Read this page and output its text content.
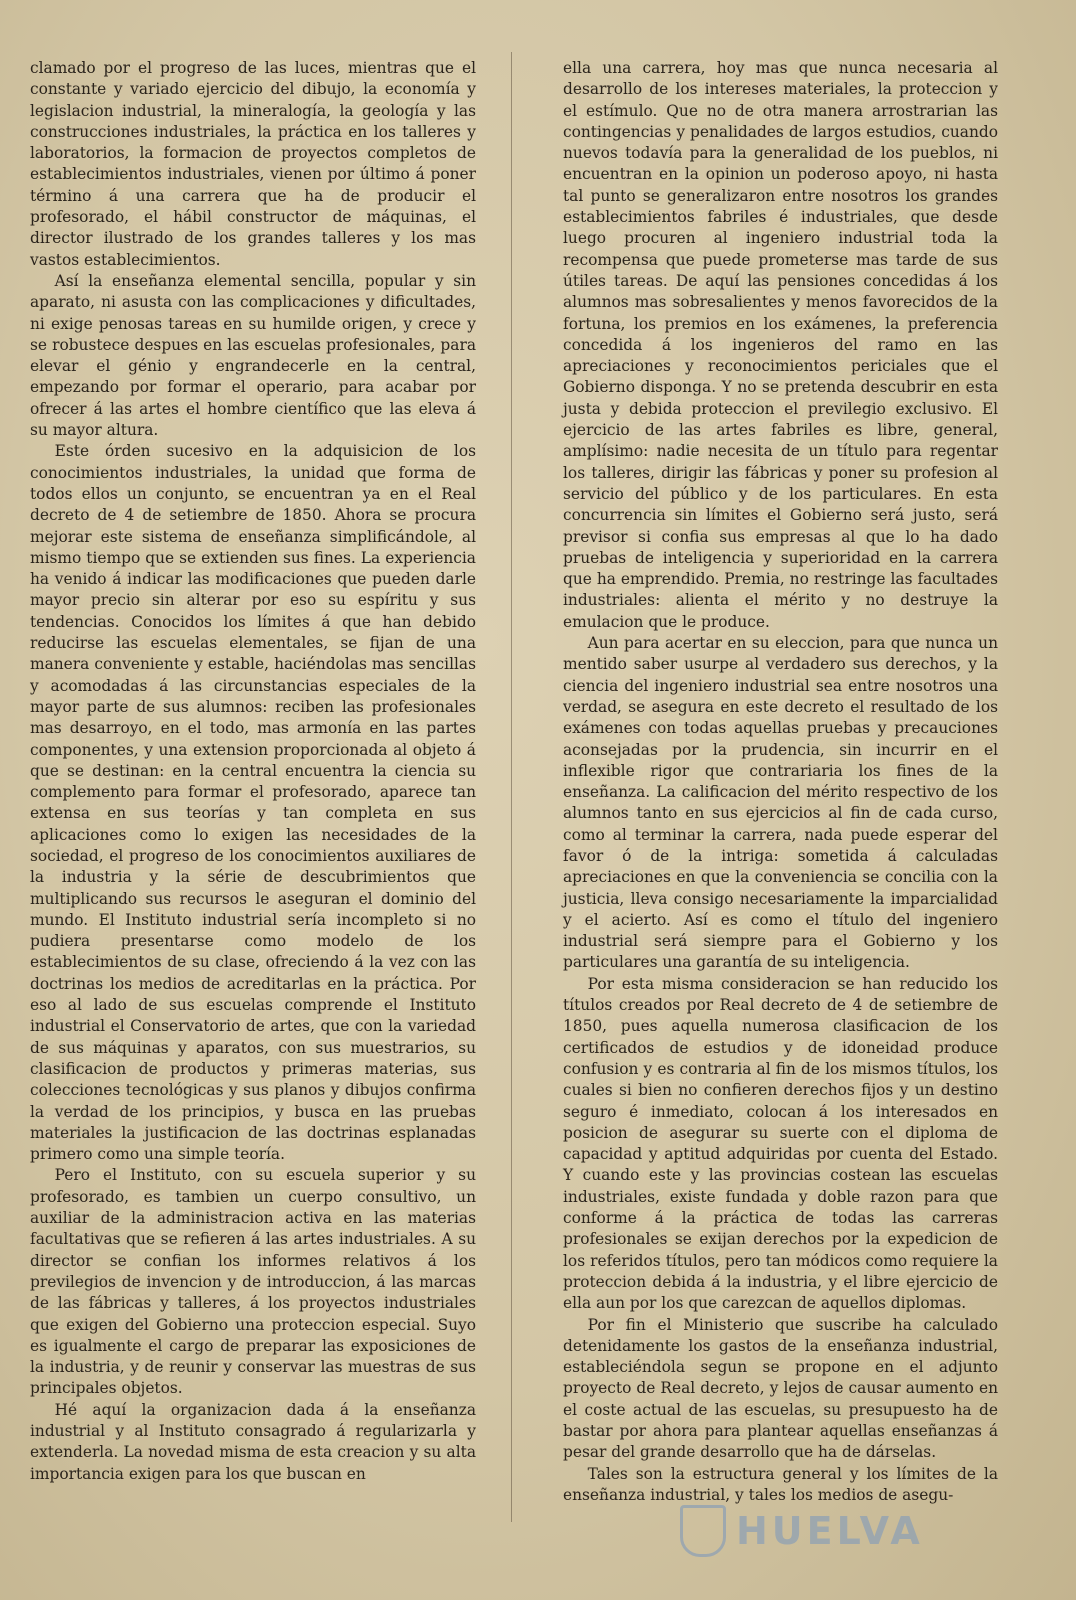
clamado por el progreso de las luces, mientras que el constante y variado ejercicio del dibujo, la economía y legislacion industrial, la mineralogía, la geología y las construcciones industriales, la práctica en los talleres y laboratorios, la formacion de proyectos completos de establecimientos industriales, vienen por último á poner término á una carrera que ha de producir el profesorado, el hábil constructor de máquinas, el director ilustrado de los grandes talleres y los mas vastos establecimientos.

Así la enseñanza elemental sencilla, popular y sin aparato, ni asusta con las complicaciones y dificultades, ni exige penosas tareas en su humilde origen, y crece y se robustece despues en las escuelas profesionales, para elevar el génio y engrandecerle en la central, empezando por formar el operario, para acabar por ofrecer á las artes el hombre científico que las eleva á su mayor altura.

Este órden sucesivo en la adquisicion de los conocimientos industriales, la unidad que forma de todos ellos un conjunto, se encuentran ya en el Real decreto de 4 de setiembre de 1850. Ahora se procura mejorar este sistema de enseñanza simplificándole, al mismo tiempo que se extienden sus fines. La experiencia ha venido á indicar las modificaciones que pueden darle mayor precio sin alterar por eso su espíritu y sus tendencias. Conocidos los límites á que han debido reducirse las escuelas elementales, se fijan de una manera conveniente y estable, haciéndolas mas sencillas y acomodadas á las circunstancias especiales de la mayor parte de sus alumnos: reciben las profesionales mas desarroyo, en el todo, mas armonía en las partes componentes, y una extension proporcionada al objeto á que se destinan: en la central encuentra la ciencia su complemento para formar el profesorado, aparece tan extensa en sus teorías y tan completa en sus aplicaciones como lo exigen las necesidades de la sociedad, el progreso de los conocimientos auxiliares de la industria y la série de descubrimientos que multiplicando sus recursos le aseguran el dominio del mundo. El Instituto industrial sería incompleto si no pudiera presentarse como modelo de los establecimientos de su clase, ofreciendo á la vez con las doctrinas los medios de acreditarlas en la práctica. Por eso al lado de sus escuelas comprende el Instituto industrial el Conservatorio de artes, que con la variedad de sus máquinas y aparatos, con sus muestrarios, su clasificacion de productos y primeras materias, sus colecciones tecnológicas y sus planos y dibujos confirma la verdad de los principios, y busca en las pruebas materiales la justificacion de las doctrinas esplanadas primero como una simple teoría.

Pero el Instituto, con su escuela superior y su profesorado, es tambien un cuerpo consultivo, un auxiliar de la administracion activa en las materias facultativas que se refieren á las artes industriales. A su director se confian los informes relativos á los previlegios de invencion y de introduccion, á las marcas de las fábricas y talleres, á los proyectos industriales que exigen del Gobierno una proteccion especial. Suyo es igualmente el cargo de preparar las exposiciones de la industria, y de reunir y conservar las muestras de sus principales objetos.

Hé aquí la organizacion dada á la enseñanza industrial y al Instituto consagrado á regularizarla y extenderla. La novedad misma de esta creacion y su alta importancia exigen para los que buscan en

ella una carrera, hoy mas que nunca necesaria al desarrollo de los intereses materiales, la proteccion y el estímulo. Que no de otra manera arrostrarian las contingencias y penalidades de largos estudios, cuando nuevos todavía para la generalidad de los pueblos, ni encuentran en la opinion un poderoso apoyo, ni hasta tal punto se generalizaron entre nosotros los grandes establecimientos fabriles é industriales, que desde luego procuren al ingeniero industrial toda la recompensa que puede prometerse mas tarde de sus útiles tareas. De aquí las pensiones concedidas á los alumnos mas sobresalientes y menos favorecidos de la fortuna, los premios en los exámenes, la preferencia concedida á los ingenieros del ramo en las apreciaciones y reconocimientos periciales que el Gobierno disponga. Y no se pretenda descubrir en esta justa y debida proteccion el previlegio exclusivo. El ejercicio de las artes fabriles es libre, general, amplísimo: nadie necesita de un título para regentar los talleres, dirigir las fábricas y poner su profesion al servicio del público y de los particulares. En esta concurrencia sin límites el Gobierno será justo, será previsor si confia sus empresas al que lo ha dado pruebas de inteligencia y superioridad en la carrera que ha emprendido. Premia, no restringe las facultades industriales: alienta el mérito y no destruye la emulacion que le produce.

Aun para acertar en su eleccion, para que nunca un mentido saber usurpe al verdadero sus derechos, y la ciencia del ingeniero industrial sea entre nosotros una verdad, se asegura en este decreto el resultado de los exámenes con todas aquellas pruebas y precauciones aconsejadas por la prudencia, sin incurrir en el inflexible rigor que contrariaria los fines de la enseñanza. La calificacion del mérito respectivo de los alumnos tanto en sus ejercicios al fin de cada curso, como al terminar la carrera, nada puede esperar del favor ó de la intriga: sometida á calculadas apreciaciones en que la conveniencia se concilia con la justicia, lleva consigo necesariamente la imparcialidad y el acierto. Así es como el título del ingeniero industrial será siempre para el Gobierno y los particulares una garantía de su inteligencia.

Por esta misma consideracion se han reducido los títulos creados por Real decreto de 4 de setiembre de 1850, pues aquella numerosa clasificacion de los certificados de estudios y de idoneidad produce confusion y es contraria al fin de los mismos títulos, los cuales si bien no confieren derechos fijos y un destino seguro é inmediato, colocan á los interesados en posicion de asegurar su suerte con el diploma de capacidad y aptitud adquiridas por cuenta del Estado. Y cuando este y las provincias costean las escuelas industriales, existe fundada y doble razon para que conforme á la práctica de todas las carreras profesionales se exijan derechos por la expedicion de los referidos títulos, pero tan módicos como requiere la proteccion debida á la industria, y el libre ejercicio de ella aun por los que carezcan de aquellos diplomas.

Por fin el Ministerio que suscribe ha calculado detenidamente los gastos de la enseñanza industrial, estableciéndola segun se propone en el adjunto proyecto de Real decreto, y lejos de causar aumento en el coste actual de las escuelas, su presupuesto ha de bastar por ahora para plantear aquellas enseñanzas á pesar del grande desarrollo que ha de dárselas.

Tales son la estructura general y los límites de la enseñanza industrial, y tales los medios de asegu-

HUELVA
